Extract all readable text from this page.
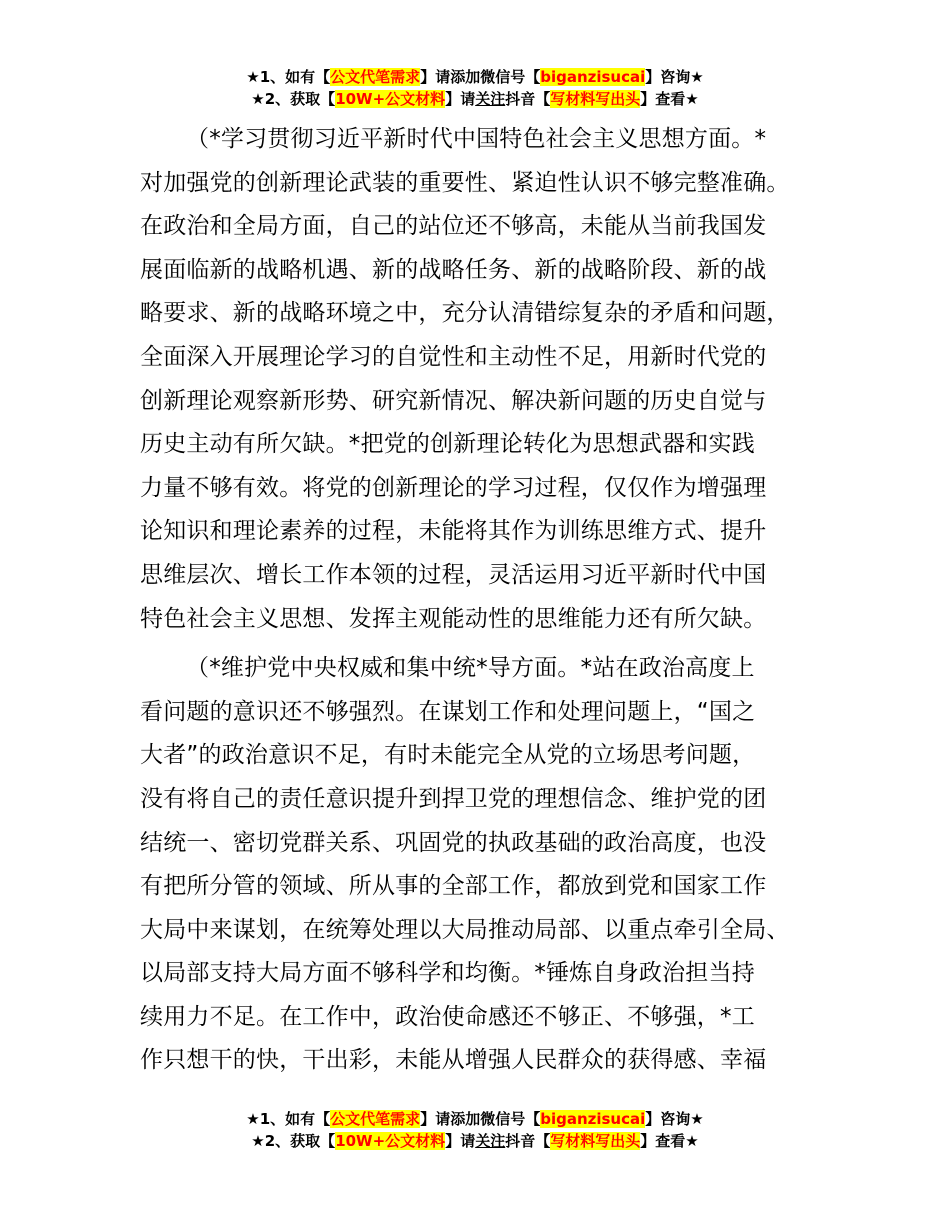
★1、如有【公文代笔需求】请添加微信号【biganzisucai】咨询★
★2、获取【10W+公文材料】请关注抖音【写材料写出头】查看★
（*学习贯彻习近平新时代中国特色社会主义思想方面。*
对加强党的创新理论武装的重要性、紧迫性认识不够完整准确。
在政治和全局方面，自己的站位还不够高，未能从当前我国发
展面临新的战略机遇、新的战略任务、新的战略阶段、新的战
略要求、新的战略环境之中，充分认清错综复杂的矛盾和问题，
全面深入开展理论学习的自觉性和主动性不足，用新时代党的
创新理论观察新形势、研究新情况、解决新问题的历史自觉与
历史主动有所欠缺。*把党的创新理论转化为思想武器和实践
力量不够有效。将党的创新理论的学习过程，仅仅作为增强理
论知识和理论素养的过程，未能将其作为训练思维方式、提升
思维层次、增长工作本领的过程，灵活运用习近平新时代中国
特色社会主义思想、发挥主观能动性的思维能力还有所欠缺。
（*维护党中央权威和集中统*导方面。*站在政治高度上
看问题的意识还不够强烈。在谋划工作和处理问题上，“国之
大者”的政治意识不足，有时未能完全从党的立场思考问题，
没有将自己的责任意识提升到捍卫党的理想信念、维护党的团
结统一、密切党群关系、巩固党的执政基础的政治高度，也没
有把所分管的领域、所从事的全部工作，都放到党和国家工作
大局中来谋划，在统筹处理以大局推动局部、以重点牵引全局、
以局部支持大局方面不够科学和均衡。*锤炼自身政治担当持
续用力不足。在工作中，政治使命感还不够正、不够强，*工
作只想干的快，干出彩，未能从增强人民群众的获得感、幸福
★1、如有【公文代笔需求】请添加微信号【biganzisucai】咨询★
★2、获取【10W+公文材料】请关注抖音【写材料写出头】查看★
